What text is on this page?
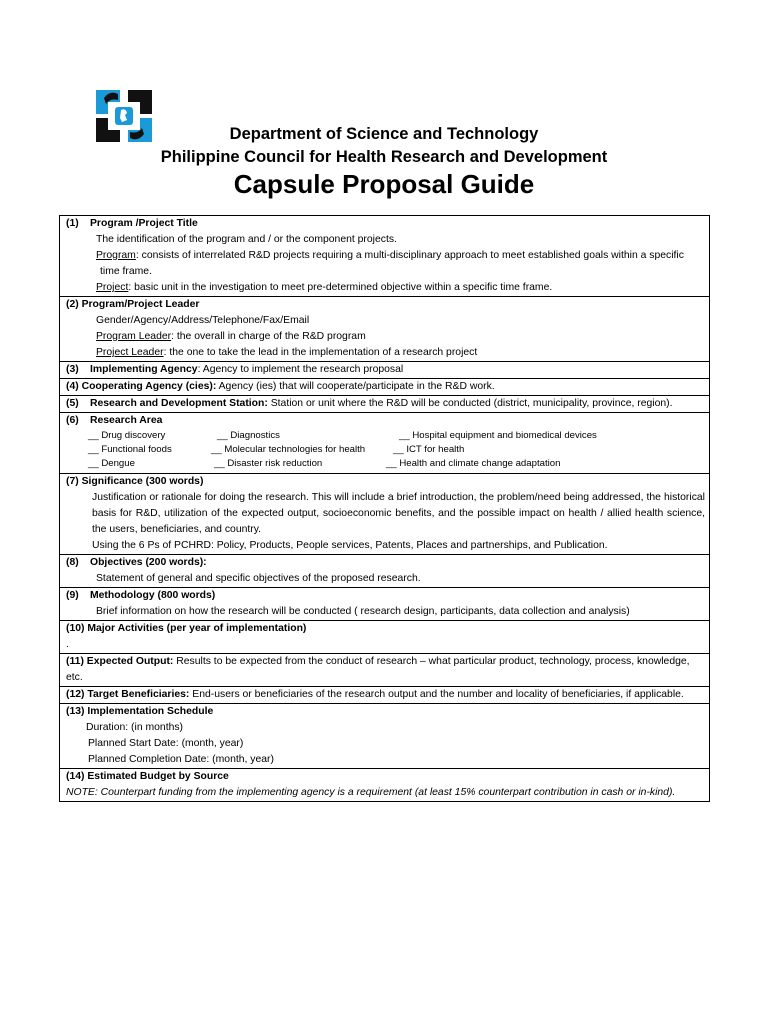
Department of Science and Technology
Philippine Council for Health Research and Development
Capsule Proposal Guide
(1) Program /Project Title
The identification of the program and / or the component projects.
Program: consists of interrelated R&D projects requiring a multi-disciplinary approach to meet established goals within a specific
time frame.
Project: basic unit in the investigation to meet pre-determined objective within a specific time frame.

(2) Program/Project Leader
Gender/Agency/Address/Telephone/Fax/Email
Program Leader: the overall in charge of the R&D program
Project Leader: the one to take the lead in the implementation of a research project

(3) Implementing Agency: Agency to implement the research proposal

(4) Cooperating Agency (cies): Agency (ies) that will cooperate/participate in the R&D work.

(5) Research and Development Station: Station or unit where the R&D will be conducted (district, municipality, province, region).

(6) Research Area
__ Drug discovery	__ Diagnostics	__ Hospital equipment and biomedical devices
__ Functional foods	__ Molecular technologies for health	__ ICT for health
__ Dengue	__ Disaster risk reduction	__ Health and climate change adaptation

(7) Significance (300 words)
Justification or rationale for doing the research. This will include a brief introduction, the problem/need being addressed, the historical basis for R&D, utilization of the expected output, socioeconomic benefits, and the possible impact on health / allied health science, the users, beneficiaries, and country.
Using the 6 Ps of PCHRD: Policy, Products, People services, Patents, Places and partnerships, and Publication.

(8) Objectives (200 words):
Statement of general and specific objectives of the proposed research.

(9) Methodology (800 words)
Brief information on how the research will be conducted ( research design, participants, data collection and analysis)

(10) Major Activities (per year of implementation)
.

(11) Expected Output: Results to be expected from the conduct of research – what particular product, technology, process, knowledge, etc.

(12) Target Beneficiaries: End-users or beneficiaries of the research output and the number and locality of beneficiaries, if applicable.

(13) Implementation Schedule
Duration: (in months)
Planned Start Date: (month, year)
Planned Completion Date: (month, year)

(14) Estimated Budget by Source
NOTE: Counterpart funding from the implementing agency is a requirement (at least 15% counterpart contribution in cash or in-kind).
